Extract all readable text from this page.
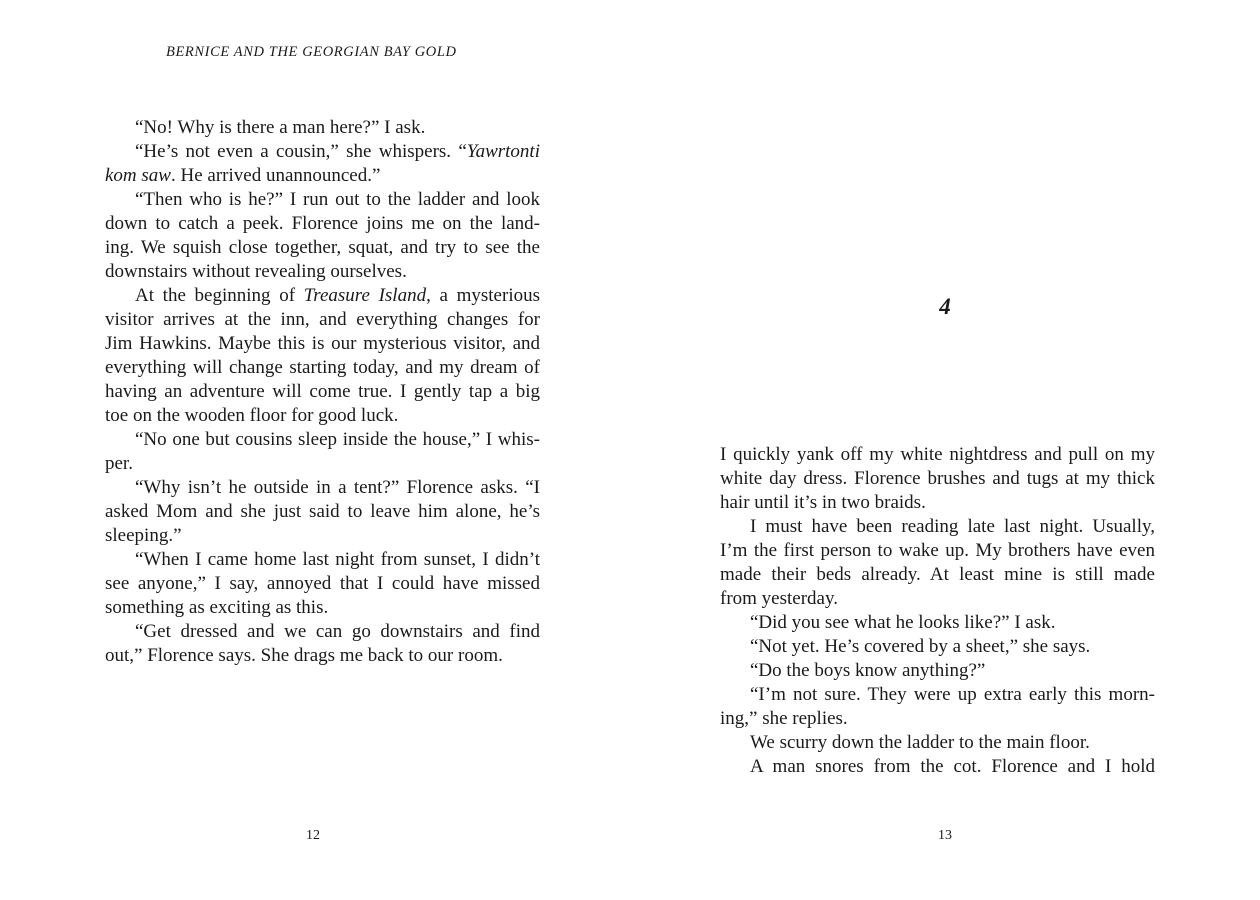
BERNICE AND THE GEORGIAN BAY GOLD
“No! Why is there a man here?” I ask.
“He’s not even a cousin,” she whispers. “Yawrtonti
kom saw. He arrived unannounced.”
“Then who is he?” I run out to the ladder and look
down to catch a peek. Florence joins me on the land-
ing. We squish close together, squat, and try to see the
downstairs without revealing ourselves.
At the beginning of Treasure Island, a mysterious
visitor arrives at the inn, and everything changes for
Jim Hawkins. Maybe this is our mysterious visitor, and
everything will change starting today, and my dream of
having an adventure will come true. I gently tap a big
toe on the wooden floor for good luck.
“No one but cousins sleep inside the house,” I whis-
per.
“Why isn’t he outside in a tent?” Florence asks. “I
asked Mom and she just said to leave him alone, he’s
sleeping.”
“When I came home last night from sunset, I didn’t
see anyone,” I say, annoyed that I could have missed
something as exciting as this.
“Get dressed and we can go downstairs and find
out,” Florence says. She drags me back to our room.
12
4
I quickly yank off my white nightdress and pull on my
white day dress. Florence brushes and tugs at my thick
hair until it’s in two braids.
I must have been reading late last night. Usually,
I’m the first person to wake up. My brothers have even
made their beds already. At least mine is still made
from yesterday.
“Did you see what he looks like?” I ask.
“Not yet. He’s covered by a sheet,” she says.
“Do the boys know anything?”
“I’m not sure. They were up extra early this morn-
ing,” she replies.
We scurry down the ladder to the main floor.
A man snores from the cot. Florence and I hold
13
